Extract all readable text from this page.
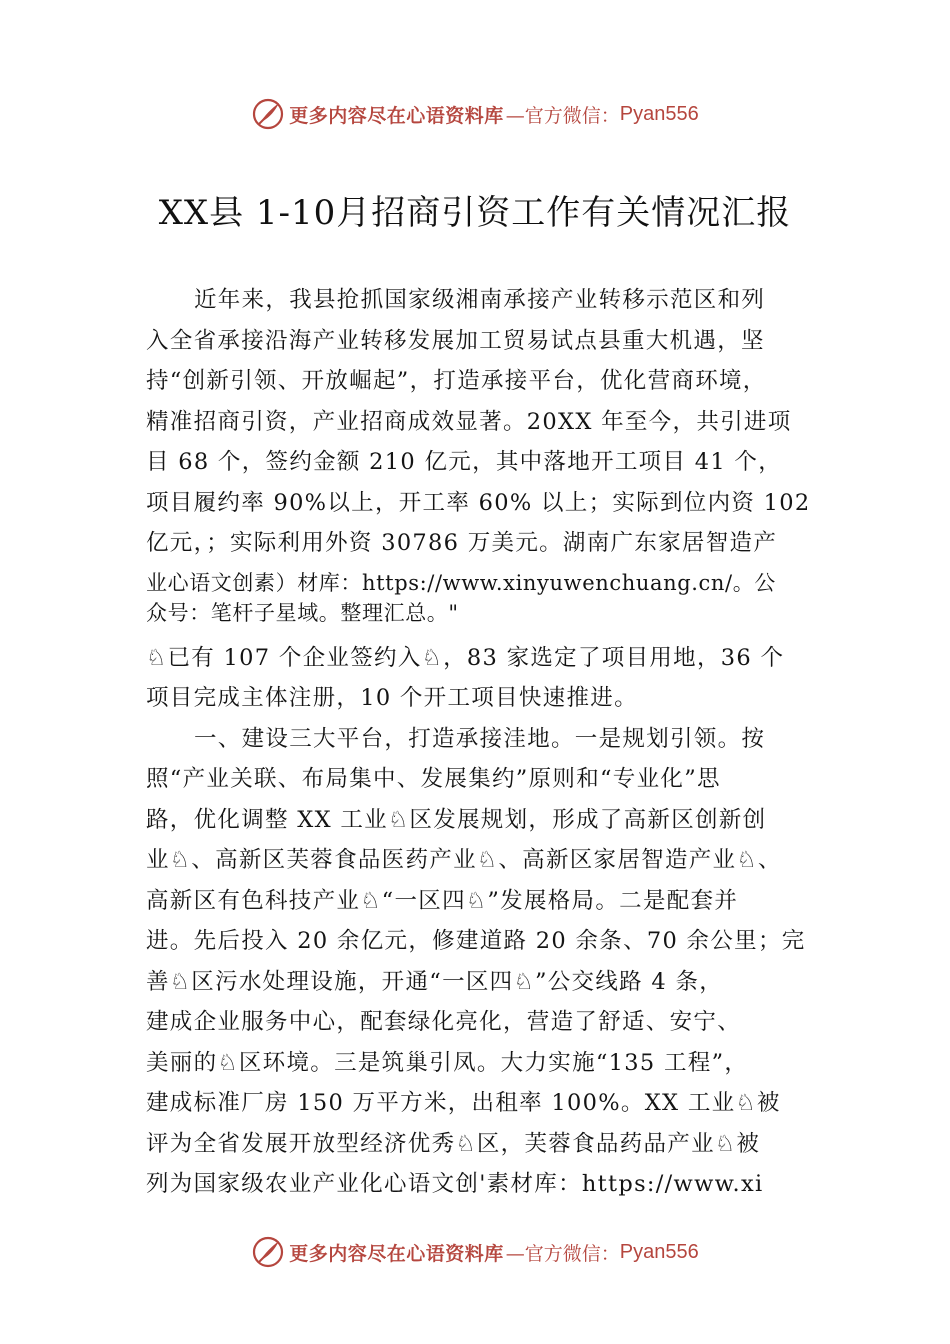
更多内容尽在心语资料库 —官方微信： Pyan556
XX县 1-10月招商引资工作有关情况汇报
近年来，我县抢抓国家级湘南承接产业转移示范区和列
入全省承接沿海产业转移发展加工贸易试点县重大机遇，坚
持“创新引领、开放崛起”，打造承接平台，优化营商环境，
精准招商引资，产业招商成效显著。20XX 年至今，共引进项
目 68 个，签约金额 210 亿元，其中落地开工项目 41 个，
项目履约率 90%以上，开工率 60% 以上；实际到位内资 102
亿元，；实际利用外资 30786 万美元。湖南广东家居智造产
业心语文创素）材库：https://www.xinyuwenchuang.cn/。公
众号：笔杆子星域。整理汇总。"
♘已有 107 个企业签约入♘，83 家选定了项目用地，36 个
项目完成主体注册，10 个开工项目快速推进。
一、建设三大平台，打造承接洼地。一是规划引领。按
照“产业关联、布局集中、发展集约”原则和“专业化”思
路，优化调整 XX 工业♘区发展规划，形成了高新区创新创
业♘、高新区芙蓉食品医药产业♘、高新区家居智造产业♘、
高新区有色科技产业♘“一区四♘”发展格局。二是配套并
进。先后投入 20 余亿元，修建道路 20 余条、70 余公里；完
善♘区污水处理设施，开通“一区四♘”公交线路 4 条，
建成企业服务中心，配套绿化亮化，营造了舒适、安宁、
美丽的♘区环境。三是筑巢引凤。大力实施“135 工程”，
建成标准厂房 150 万平方米，出租率 100%。XX 工业♘被
评为全省发展开放型经济优秀♘区，芙蓉食品药品产业♘被
列为国家级农业产业化心语文创'素材库：https://www.xi
更多内容尽在心语资料库 —官方微信： Pyan556
